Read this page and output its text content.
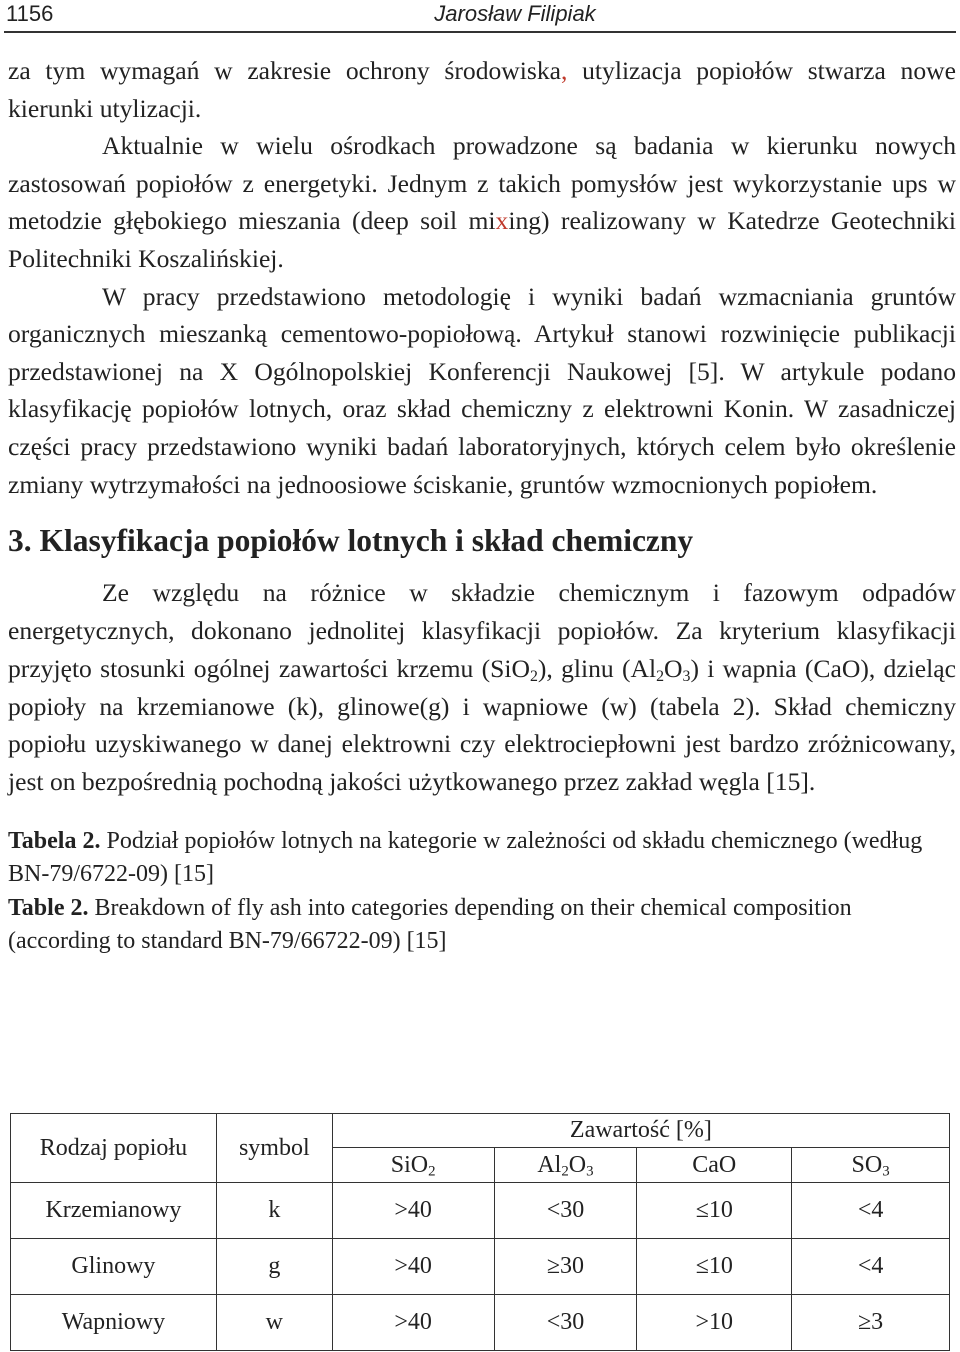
1156	Jarosław Filipiak

za tym wymagań w zakresie ochrony środowiska, utylizacja popiołów stwarza nowe kierunki utylizacji.

Aktualnie w wielu ośrodkach prowadzone są badania w kierunku nowych zastosowań popiołów z energetyki. Jednym z takich pomysłów jest wykorzystanie ups w metodzie głębokiego mieszania (deep soil mixing) realizowany w Katedrze Geotechniki Politechniki Koszalińskiej.

W pracy przedstawiono metodologię i wyniki badań wzmacniania gruntów organicznych mieszanką cementowo-popiołową. Artykuł stanowi rozwinięcie publikacji przedstawionej na X Ogólnopolskiej Konferencji Naukowej [5]. W artykule podano klasyfikację popiołów lotnych, oraz skład chemiczny z elektrowni Konin. W zasadniczej części pracy przedstawiono wyniki badań laboratoryjnych, których celem było określenie zmiany wytrzymałości na jednoosiowe ściskanie, gruntów wzmocnionych popiołem.

3. Klasyfikacja popiołów lotnych i skład chemiczny

Ze względu na różnice w składzie chemicznym i fazowym odpadów energetycznych, dokonano jednolitej klasyfikacji popiołów. Za kryterium klasyfikacji przyjęto stosunki ogólnej zawartości krzemu (SiO$_2$), glinu $(Al_2O_3)$ i wapnia (CaO), dzieląc popioły na krzemianowe (k), glinowe(g) i wapniowe (w) (tabela 2). Skład chemiczny popiołu uzyskiwanego w danej elektrowni czy elektrociepłowni jest bardzo zróżnicowany, jest on bezpośrednią pochodną jakości użytkowanego przez zakład węgla [15].

Tabela 2. Podział popiołów lotnych na kategorie w zależności od składu chemicznego (według BN-79/6722-09) [15]
Table 2. Breakdown of fly ash into categories depending on their chemical composition (according to standard BN-79/66722-09) [15]
Rodzaj popiołu	symbol	Zawartość [%]			
		SiO$_2$	$Al_2O_3$	CaO	$SO_3$
Krzemianowy	k	>40	<30	≤10	<4
Glinowy	g	>40	≥30	≤10	<4
Wapniowy	w	>40	<30	>10	≥3
